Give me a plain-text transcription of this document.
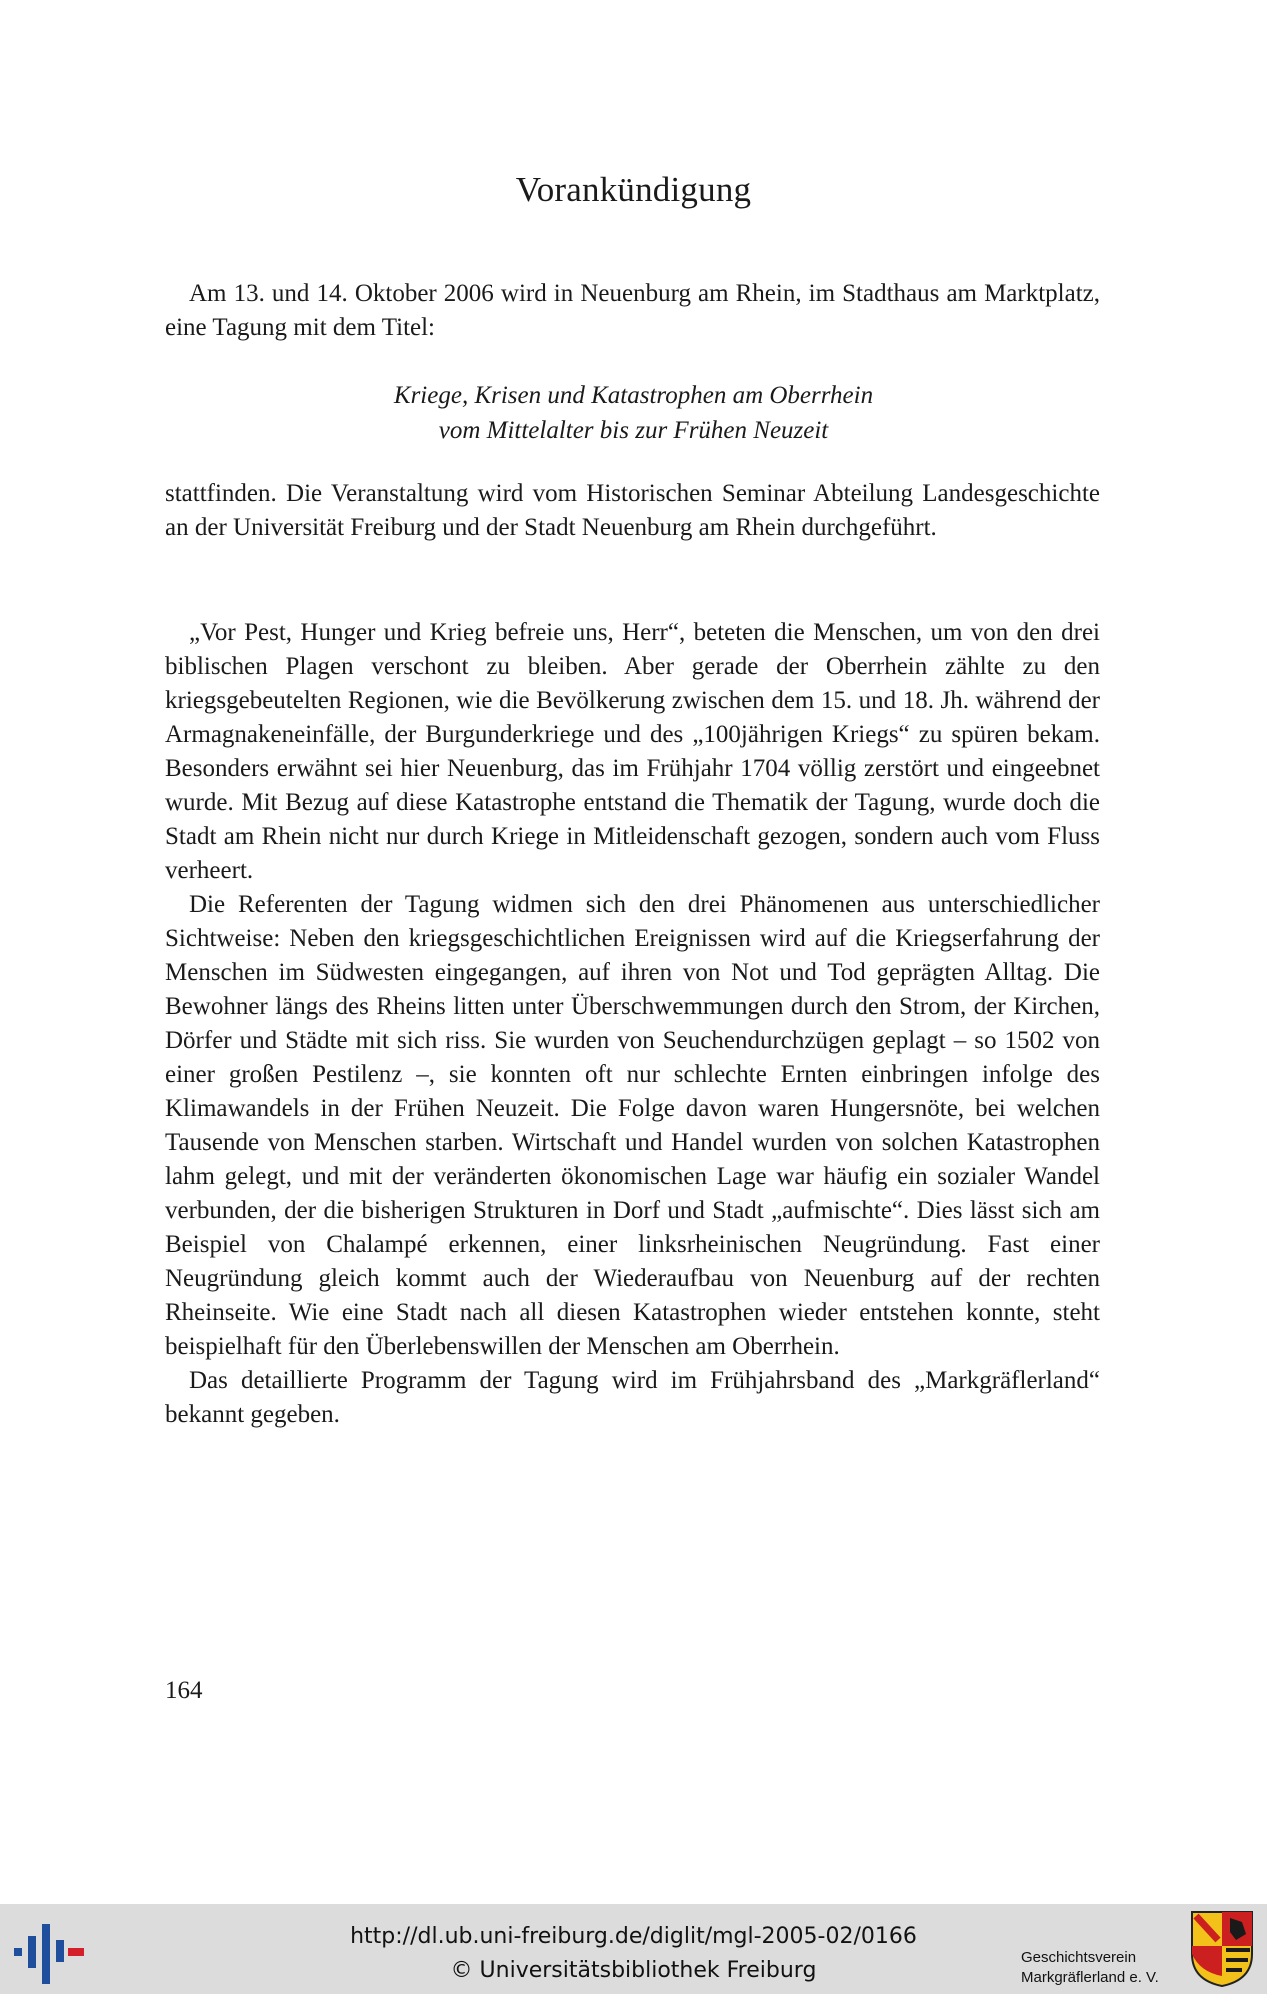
Vorankündigung

Am 13. und 14. Oktober 2006 wird in Neuenburg am Rhein, im Stadthaus am Marktplatz, eine Tagung mit dem Titel:

Kriege, Krisen und Katastrophen am Oberrhein
vom Mittelalter bis zur Frühen Neuzeit

stattfinden. Die Veranstaltung wird vom Historischen Seminar Abteilung Landesgeschichte an der Universität Freiburg und der Stadt Neuenburg am Rhein durchgeführt.

„Vor Pest, Hunger und Krieg befreie uns, Herr“, beteten die Menschen, um von den drei biblischen Plagen verschont zu bleiben. Aber gerade der Oberrhein zählte zu den kriegsgebeutelten Regionen, wie die Bevölkerung zwischen dem 15. und 18. Jh. während der Armagnakeneinfälle, der Burgunderkriege und des „100jährigen Kriegs“ zu spüren bekam. Besonders erwähnt sei hier Neuenburg, das im Frühjahr 1704 völlig zerstört und eingeebnet wurde. Mit Bezug auf diese Katastrophe entstand die Thematik der Tagung, wurde doch die Stadt am Rhein nicht nur durch Kriege in Mitleidenschaft gezogen, sondern auch vom Fluss verheert.

Die Referenten der Tagung widmen sich den drei Phänomenen aus unterschiedlicher Sichtweise: Neben den kriegsgeschichtlichen Ereignissen wird auf die Kriegserfahrung der Menschen im Südwesten eingegangen, auf ihren von Not und Tod geprägten Alltag. Die Bewohner längs des Rheins litten unter Überschwemmungen durch den Strom, der Kirchen, Dörfer und Städte mit sich riss. Sie wurden von Seuchendurchzügen geplagt – so 1502 von einer großen Pestilenz –, sie konnten oft nur schlechte Ernten einbringen infolge des Klimawandels in der Frühen Neuzeit. Die Folge davon waren Hungersnöte, bei welchen Tausende von Menschen starben. Wirtschaft und Handel wurden von solchen Katastrophen lahm gelegt, und mit der veränderten ökonomischen Lage war häufig ein sozialer Wandel verbunden, der die bisherigen Strukturen in Dorf und Stadt „aufmischte“. Dies lässt sich am Beispiel von Chalampé erkennen, einer linksrheinischen Neugründung. Fast einer Neugründung gleich kommt auch der Wiederaufbau von Neuenburg auf der rechten Rheinseite. Wie eine Stadt nach all diesen Katastrophen wieder entstehen konnte, steht beispielhaft für den Überlebenswillen der Menschen am Oberrhein.

Das detaillierte Programm der Tagung wird im Frühjahrsband des „Markgräflerland“ bekannt gegeben.

164
http://dl.ub.uni-freiburg.de/diglit/mgl-2005-02/0166
© Universitätsbibliothek Freiburg
Geschichtsverein
Markgräflerland e. V.
